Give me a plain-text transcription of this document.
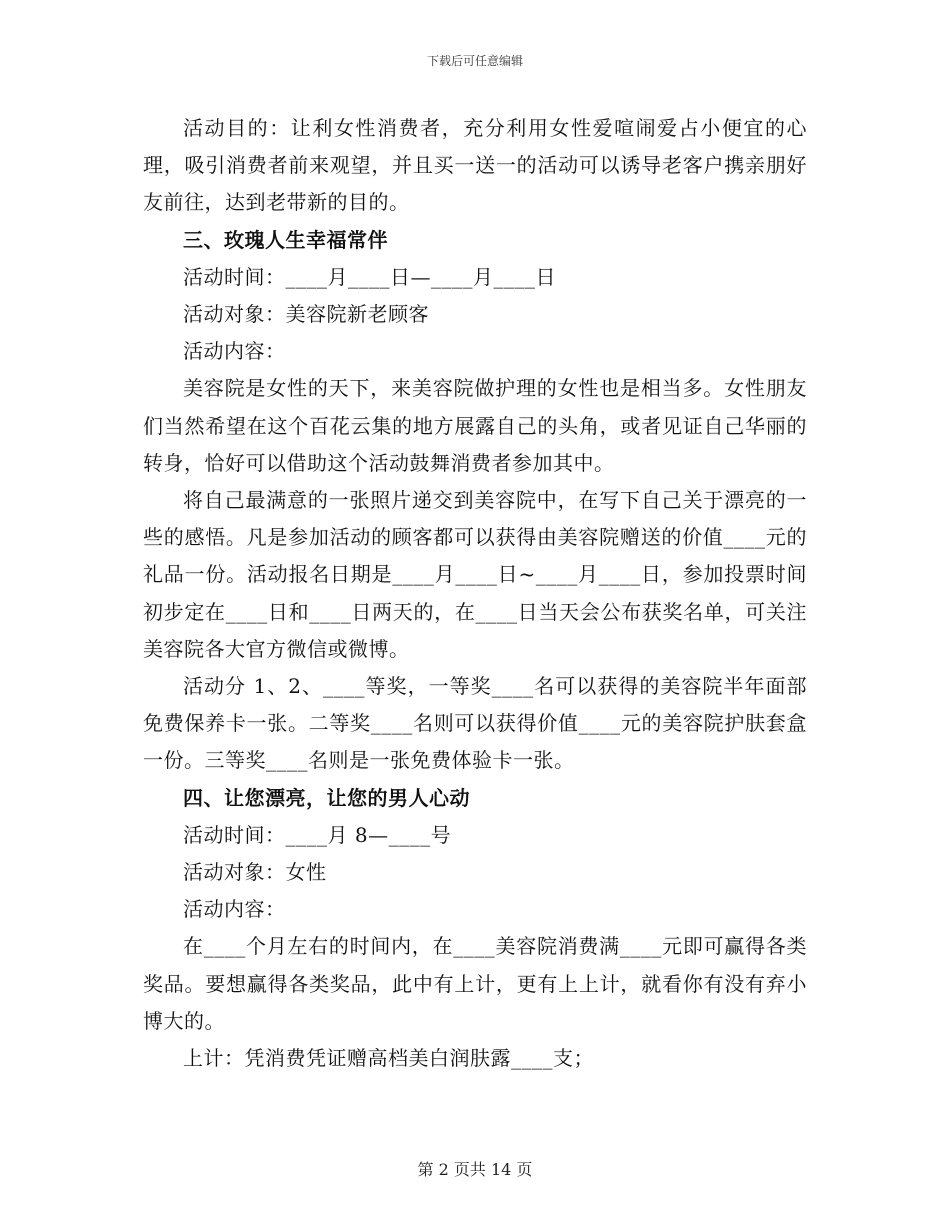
下载后可任意编辑

活动目的：让利女性消费者，充分利用女性爱喧闹爱占小便宜的心理，吸引消费者前来观望，并且买一送一的活动可以诱导老客户携亲朋好友前往，达到老带新的目的。

三、玫瑰人生幸福常伴

活动时间：____月____日—____月____日

活动对象：美容院新老顾客

活动内容：

美容院是女性的天下，来美容院做护理的女性也是相当多。女性朋友们当然希望在这个百花云集的地方展露自己的头角，或者见证自己华丽的转身，恰好可以借助这个活动鼓舞消费者参加其中。

将自己最满意的一张照片递交到美容院中，在写下自己关于漂亮的一些的感悟。凡是参加活动的顾客都可以获得由美容院赠送的价值____元的礼品一份。活动报名日期是____月____日~____月____日，参加投票时间初步定在____日和____日两天的，在____日当天会公布获奖名单，可关注美容院各大官方微信或微博。

活动分 1、2、____等奖，一等奖____名可以获得的美容院半年面部免费保养卡一张。二等奖____名则可以获得价值____元的美容院护肤套盒一份。三等奖____名则是一张免费体验卡一张。

四、让您漂亮，让您的男人心动

活动时间：____月 8—____号

活动对象：女性

活动内容：

在____个月左右的时间内，在____美容院消费满____元即可赢得各类奖品。要想赢得各类奖品，此中有上计，更有上上计，就看你有没有弃小博大的。

上计：凭消费凭证赠高档美白润肤露____支；

第 2 页共 14 页
